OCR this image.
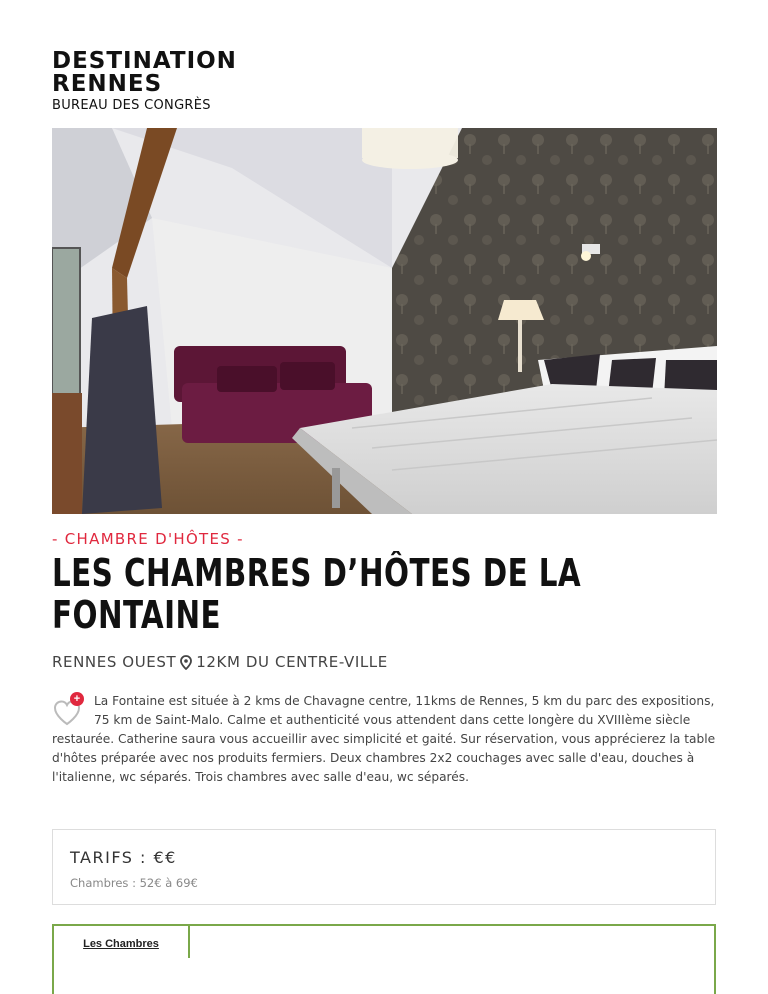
DESTINATION
RENNES
BUREAU DES CONGRÈS
- CHAMBRE D'HÔTES -
LES CHAMBRES D’HÔTES DE LA FONTAINE
RENNES OUEST 12KM DU CENTRE-VILLE
+	La Fontaine est située à 2 kms de Chavagne centre, 11kms de Rennes, 5 km du parc des expositions, 75 km de Saint-Malo. Calme et authenticité vous attendent dans cette longère du XVIIIème siècle restaurée. Catherine saura vous accueillir avec simplicité et gaité. Sur réservation, vous apprécierez la table d'hôtes préparée avec nos produits fermiers. Deux chambres 2x2 couchages avec salle d'eau, douches à l'italienne, wc séparés. Trois chambres avec salle d'eau, wc séparés.

TARIFS : €€
Chambres : 52€ à 69€
Les Chambres
